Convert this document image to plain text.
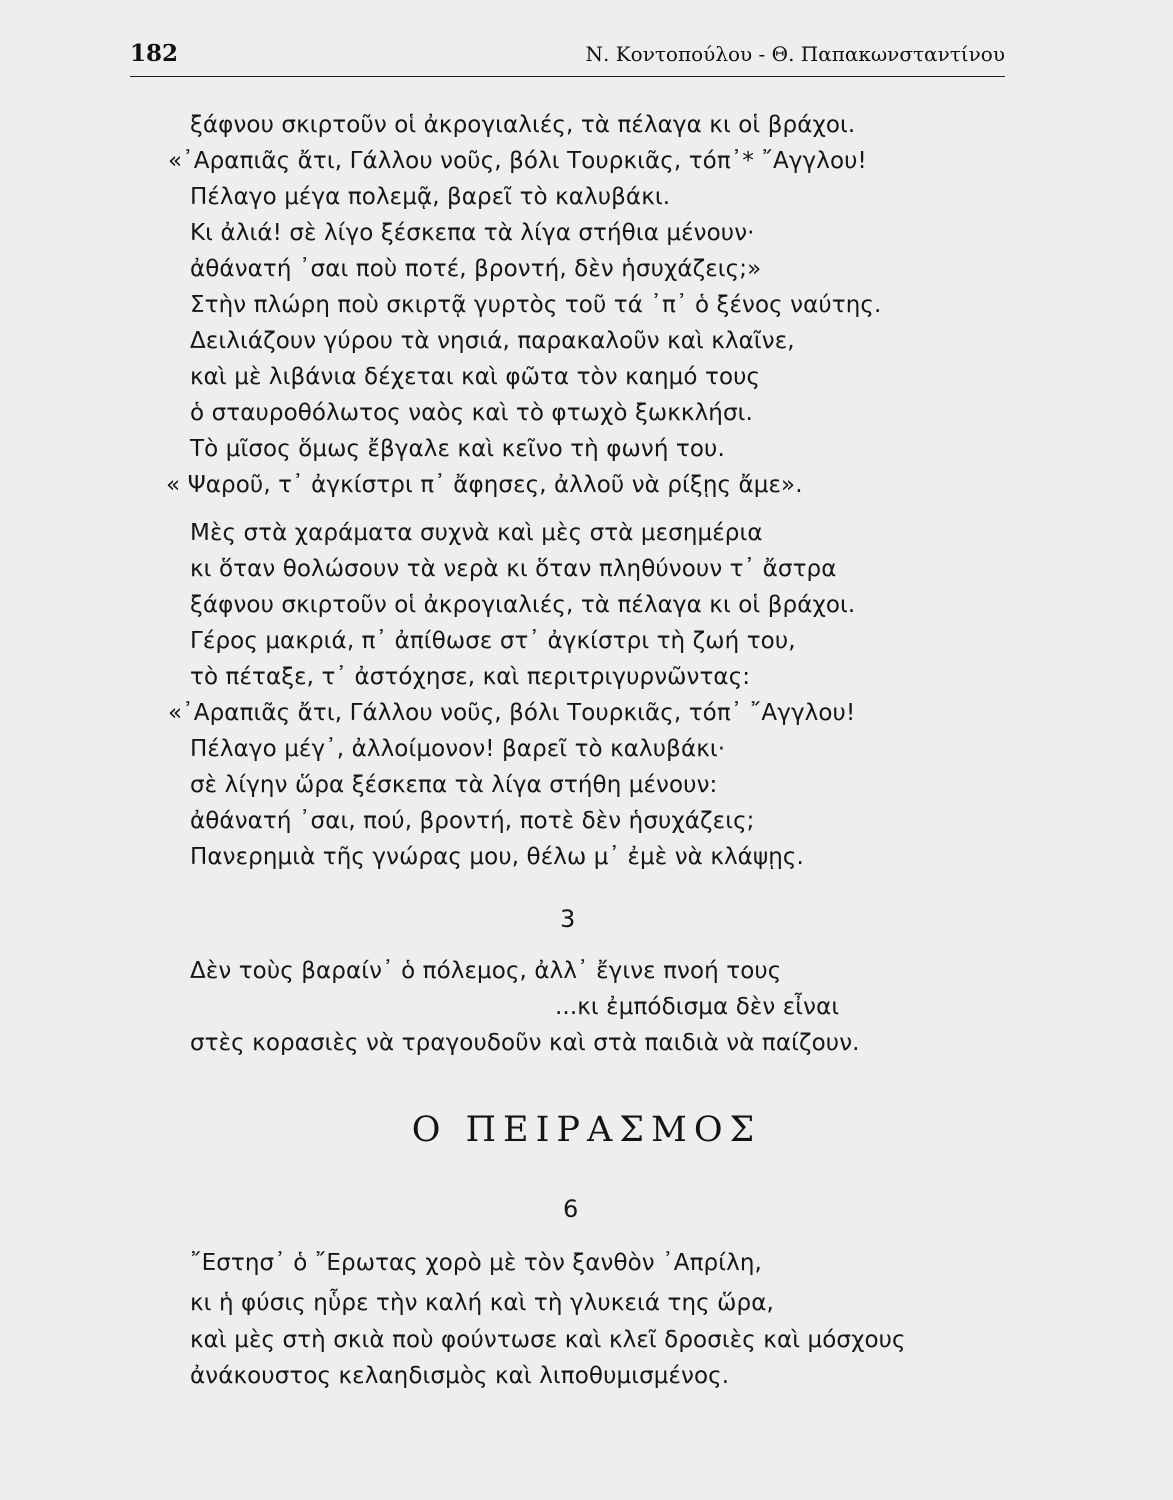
182	Ν. Κοντοπούλου - Θ. Παπακωνσταντίνου
ξάφνου σκιρτοῦν οἱ ἀκρογιαλιές, τὰ πέλαγα κι οἱ βράχοι.
«᾿Αραπιᾶς ἄτι, Γάλλου νοῦς, βόλι Τουρκιᾶς, τόπ᾿* ῎Αγγλου!
Πέλαγο μέγα πολεμᾷ, βαρεῖ τὸ καλυβάκι.
Κι ἀλιά! σὲ λίγο ξέσκεπα τὰ λίγα στήθια μένουν·
ἀθάνατή ᾿σαι ποὺ ποτέ, βροντή, δὲν ἡσυχάζεις;»
Στὴν πλώρη ποὺ σκιρτᾷ γυρτὸς τοῦ τά ᾿π᾿ ὁ ξένος ναύτης.
Δειλιάζουν γύρου τὰ νησιά, παρακαλοῦν καὶ κλαῖνε,
καὶ μὲ λιβάνια δέχεται καὶ φῶτα τὸν καημό τους
ὁ σταυροθόλωτος ναὸς καὶ τὸ φτωχὸ ξωκκλήσι.
Τὸ μῖσος ὅμως ἔβγαλε καὶ κεῖνο τὴ φωνή του.
« Ψαροῦ, τ᾿ ἀγκίστρι π᾿ ἄφησες, ἀλλοῦ νὰ ρίξῃς ἄμε».
Μὲς στὰ χαράματα συχνὰ καὶ μὲς στὰ μεσημέρια
κι ὅταν θολώσουν τὰ νερὰ κι ὅταν πληθύνουν τ᾿ ἄστρα
ξάφνου σκιρτοῦν οἱ ἀκρογιαλιές, τὰ πέλαγα κι οἱ βράχοι.
Γέρος μακριά, π᾿ ἀπίθωσε στ᾿ ἀγκίστρι τὴ ζωή του,
τὸ πέταξε, τ᾿ ἀστόχησε, καὶ περιτριγυρνῶντας:
«᾿Αραπιᾶς ἄτι, Γάλλου νοῦς, βόλι Τουρκιᾶς, τόπ᾿ ῎Αγγλου!
Πέλαγο μέγ᾿, ἀλλοίμονον! βαρεῖ τὸ καλυβάκι·
σὲ λίγην ὥρα ξέσκεπα τὰ λίγα στήθη μένουν:
ἀθάνατή ᾿σαι, πού, βροντή, ποτὲ δὲν ἡσυχάζεις;
Πανερημιὰ τῆς γνώρας μου, θέλω μ᾿ ἐμὲ νὰ κλάψῃς.
3
Δὲν τοὺς βαραίν᾿ ὁ πόλεμος, ἀλλ᾿ ἔγινε πνοή τους
...κι ἐμπόδισμα δὲν εἶναι
στὲς κορασιὲς νὰ τραγουδοῦν καὶ στὰ παιδιὰ νὰ παίζουν.
Ο ΠΕΙΡΑΣΜΟΣ
6
῎Εστησ᾿ ὁ ῎Ερωτας χορὸ μὲ τὸν ξανθὸν ᾿Απρίλη,
κι ἡ φύσις ηὗρε τὴν καλή καὶ τὴ γλυκειά της ὥρα,
καὶ μὲς στὴ σκιὰ ποὺ φούντωσε καὶ κλεῖ δροσιὲς καὶ μόσχους
ἀνάκουστος κελαηδισμὸς καὶ λιποθυμισμένος.
